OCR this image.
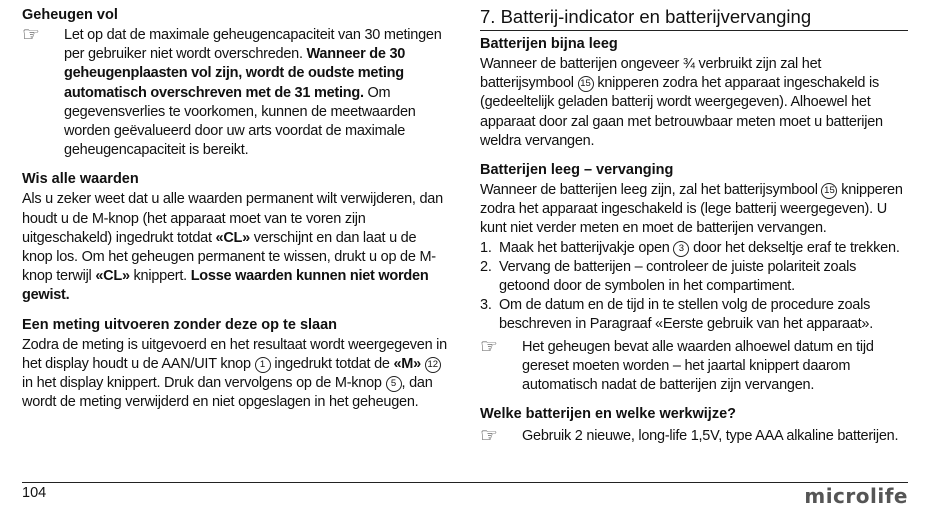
Geheugen vol
☞	Let op dat de maximale geheugencapaciteit van 30 metingen per gebruiker niet wordt overschreden. Wanneer de 30 geheugenplaasten vol zijn, wordt de oudste meting automatisch overschreven met de 31 meting. Om gegevensverlies te voorkomen, kunnen de meetwaarden worden geëvalueerd door uw arts voordat de maximale geheugencapaciteit is bereikt.

Wis alle waarden

Als u zeker weet dat u alle waarden permanent wilt verwijderen, dan houdt u de M-knop (het apparaat moet van te voren zijn uitgeschakeld) ingedrukt totdat «CL» verschijnt en dan laat u de knop los. Om het geheugen permanent te wissen, drukt u op de M-knop terwijl «CL» knippert. Losse waarden kunnen niet worden gewist.

Een meting uitvoeren zonder deze op te slaan

Zodra de meting is uitgevoerd en het resultaat wordt weergegeven in het display houdt u de AAN/UIT knop 1 ingedrukt totdat de «M» 12 in het display knippert. Druk dan vervolgens op de M-knop 5 , dan wordt de meting verwijderd en niet opgeslagen in het geheugen.

7. Batterij-indicator en batterijvervanging
Batterijen bijna leeg

Wanneer de batterijen ongeveer ¾ verbruikt zijn zal het batterijsymbool 15 knipperen zodra het apparaat ingeschakeld is (gedeeltelijk geladen batterij wordt weergegeven). Alhoewel het apparaat door zal gaan met betrouwbaar meten moet u batterijen weldra vervangen.

Batterijen leeg – vervanging

Wanneer de batterijen leeg zijn, zal het batterijsymbool 15 knipperen zodra het apparaat ingeschakeld is (lege batterij weergegeven). U kunt niet verder meten en moet de batterijen vervangen.

1. Maak het batterijvakje open 3 door het dekseltje eraf te trekken.
2. Vervang de batterijen – controleer de juiste polariteit zoals getoond door de symbolen in het compartiment.
3. Om de datum en de tijd in te stellen volg de procedure zoals beschreven in Paragraaf «Eerste gebruik van het apparaat».
☞	Het geheugen bevat alle waarden alhoewel datum en tijd gereset moeten worden – het jaartal knippert daarom automatisch nadat de batterijen zijn vervangen.

Welke batterijen en welke werkwijze?
☞	Gebruik 2 nieuwe, long-life 1,5V, type AAA alkaline batterijen.

104	microlife
